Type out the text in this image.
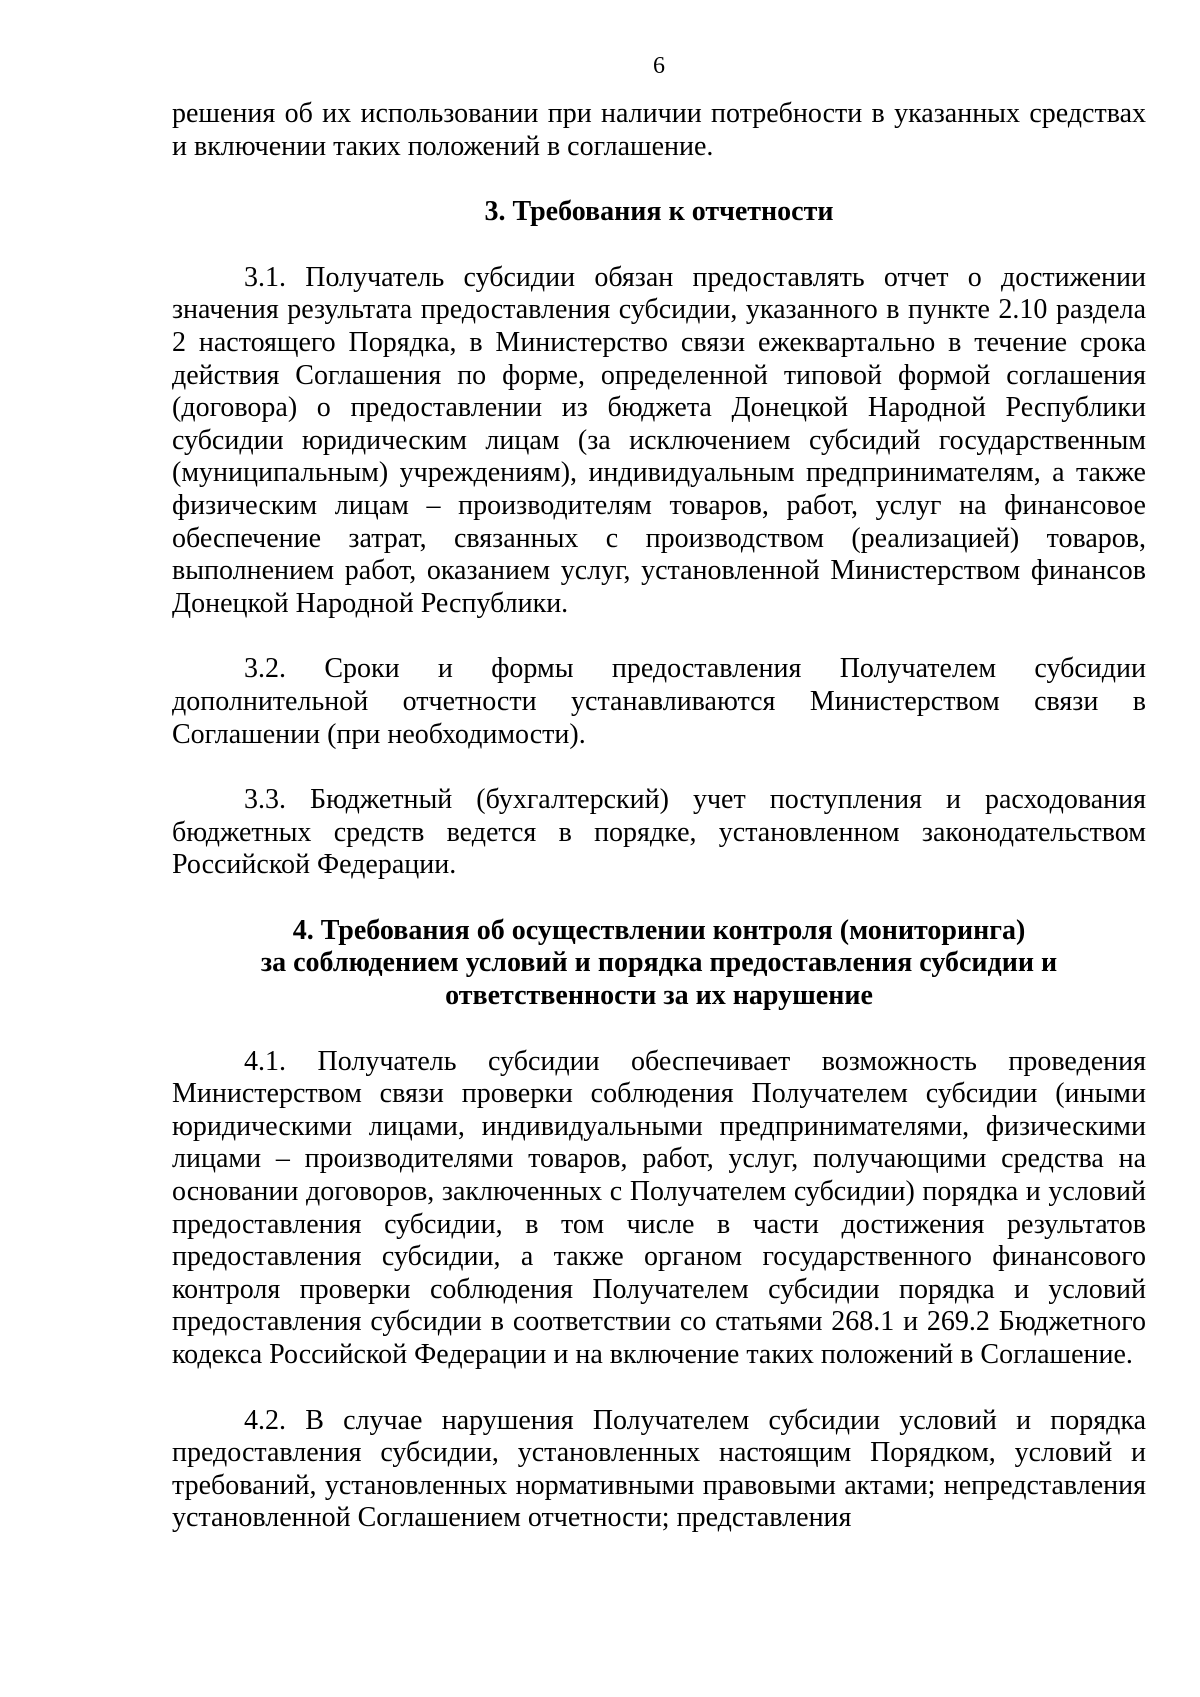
6

решения об их использовании при наличии потребности в указанных средствах и включении таких положений в соглашение.

3. Требования к отчетности

3.1. Получатель субсидии обязан предоставлять отчет о достижении значения результата предоставления субсидии, указанного в пункте 2.10 раздела 2 настоящего Порядка, в Министерство связи ежеквартально в течение срока действия Соглашения по форме, определенной типовой формой соглашения (договора) о предоставлении из бюджета Донецкой Народной Республики субсидии юридическим лицам (за исключением субсидий государственным (муниципальным) учреждениям), индивидуальным предпринимателям, а также физическим лицам – производителям товаров, работ, услуг на финансовое обеспечение затрат, связанных с производством (реализацией) товаров, выполнением работ, оказанием услуг, установленной Министерством финансов Донецкой Народной Республики.

3.2. Сроки и формы предоставления Получателем субсидии дополнительной отчетности устанавливаются Министерством связи в Соглашении (при необходимости).

3.3. Бюджетный (бухгалтерский) учет поступления и расходования бюджетных средств ведется в порядке, установленном законодательством Российской Федерации.

4. Требования об осуществлении контроля (мониторинга)
за соблюдением условий и порядка предоставления субсидии и
ответственности за их нарушение

4.1. Получатель субсидии обеспечивает возможность проведения Министерством связи проверки соблюдения Получателем субсидии (иными юридическими лицами, индивидуальными предпринимателями, физическими лицами – производителями товаров, работ, услуг, получающими средства на основании договоров, заключенных с Получателем субсидии) порядка и условий предоставления субсидии, в том числе в части достижения результатов предоставления субсидии, а также органом государственного финансового контроля проверки соблюдения Получателем субсидии порядка и условий предоставления субсидии в соответствии со статьями 268.1 и 269.2 Бюджетного кодекса Российской Федерации и на включение таких положений в Соглашение.

4.2. В случае нарушения Получателем субсидии условий и порядка предоставления субсидии, установленных настоящим Порядком, условий и требований, установленных нормативными правовыми актами; непредставления установленной Соглашением отчетности; представления
